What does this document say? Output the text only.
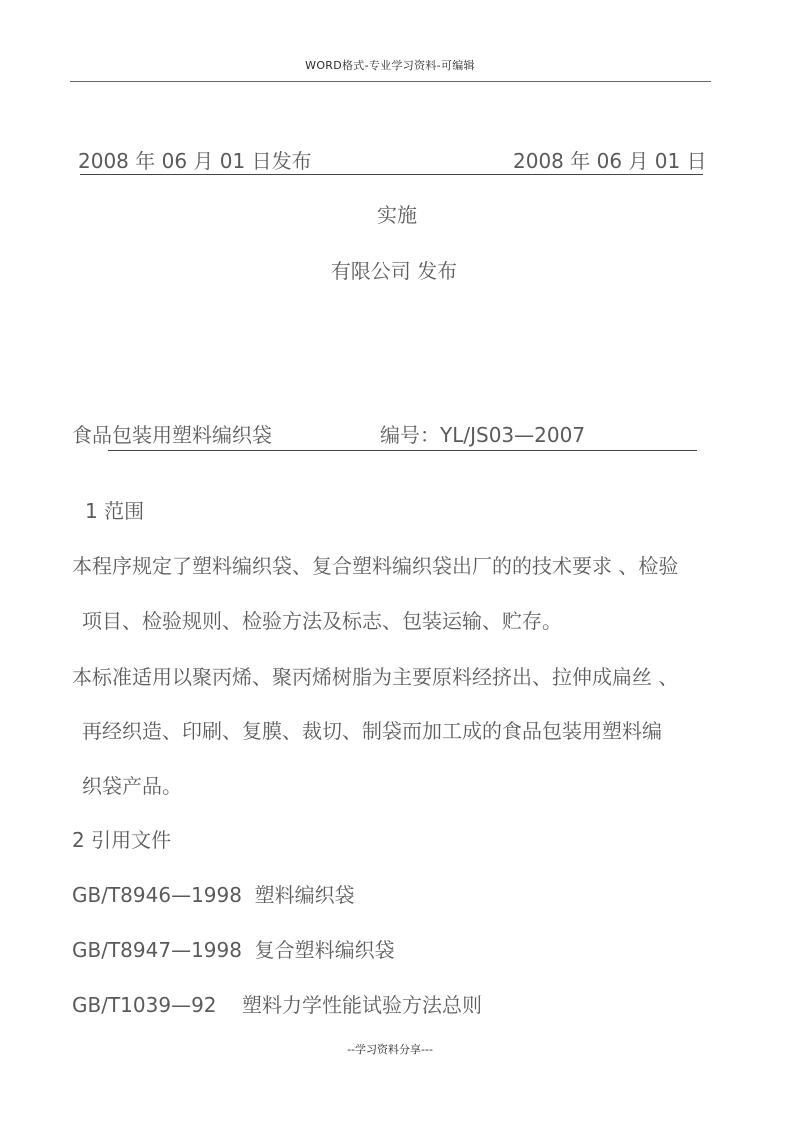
WORD格式-专业学习资料-可编辑
2008 年 06 月 01 日发布	2008 年 06 月 01 日
实施
有限公司 发布
食品包装用塑料编织袋	编号：YL/JS03—2007
1 范围
本程序规定了塑料编织袋、复合塑料编织袋出厂的的技术要求 、检验
项目、检验规则、检验方法及标志、包装运输、贮存。
本标准适用以聚丙烯、聚丙烯树脂为主要原料经挤出、拉伸成扁丝 、
再经织造、印刷、复膜、裁切、制袋而加工成的食品包装用塑料编
织袋产品。
2 引用文件
GB/T8946—1998  塑料编织袋
GB/T8947—1998  复合塑料编织袋
GB/T1039—92    塑料力学性能试验方法总则
--学习资料分享---
